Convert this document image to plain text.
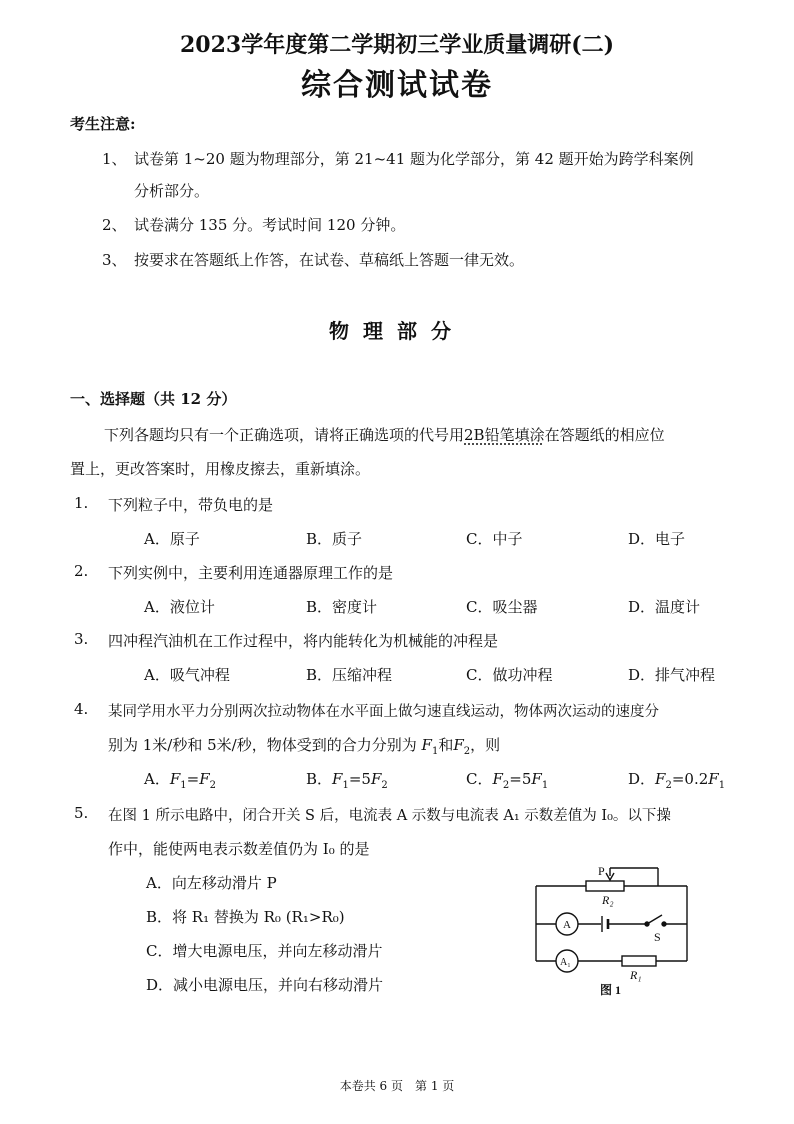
2023学年度第二学期初三学业质量调研(二)
综合测试试卷
考生注意:
1、 试卷第 1~20 题为物理部分，第 21~41 题为化学部分，第 42 题开始为跨学科案例
分析部分。
2、 试卷满分 135 分。考试时间 120 分钟。
3、 按要求在答题纸上作答，在试卷、草稿纸上答题一律无效。
物理部分
一、选择题（共 12 分）
下列各题均只有一个正确选项，请将正确选项的代号用2B铅笔填涂在答题纸的相应位
置上，更改答案时，用橡皮擦去，重新填涂。
1. 下列粒子中，带负电的是
A．原子	B．质子	C．中子	D．电子
2. 下列实例中，主要利用连通器原理工作的是
A．液位计	B．密度计	C．吸尘器	D．温度计
3. 四冲程汽油机在工作过程中，将内能转化为机械能的冲程是
A．吸气冲程	B．压缩冲程	C．做功冲程	D．排气冲程
4. 某同学用水平力分别两次拉动物体在水平面上做匀速直线运动，物体两次运动的速度分
别为 1米/秒和 5米/秒，物体受到的合力分别为 $F_1$和$F_2$，则
A．$F_1=F_2$	B．$F_1=5F_2$	C．$F_2=5F_1$	D．$F_2=0.2F_1$
5. 在图 1 所示电路中，闭合开关 S 后，电流表 A 示数与电流表 A₁ 示数差值为 I₀。以下操
作中，能使两电表示数差值仍为 I₀ 的是
A．向左移动滑片 P
B．将 R₁ 替换为 R₀ (R₁>R₀)
C．增大电源电压，并向左移动滑片
D．减小电源电压，并向右移动滑片
P
R₂
A
A₁
S
R₁
图 1
本卷共 6 页　第 1 页
